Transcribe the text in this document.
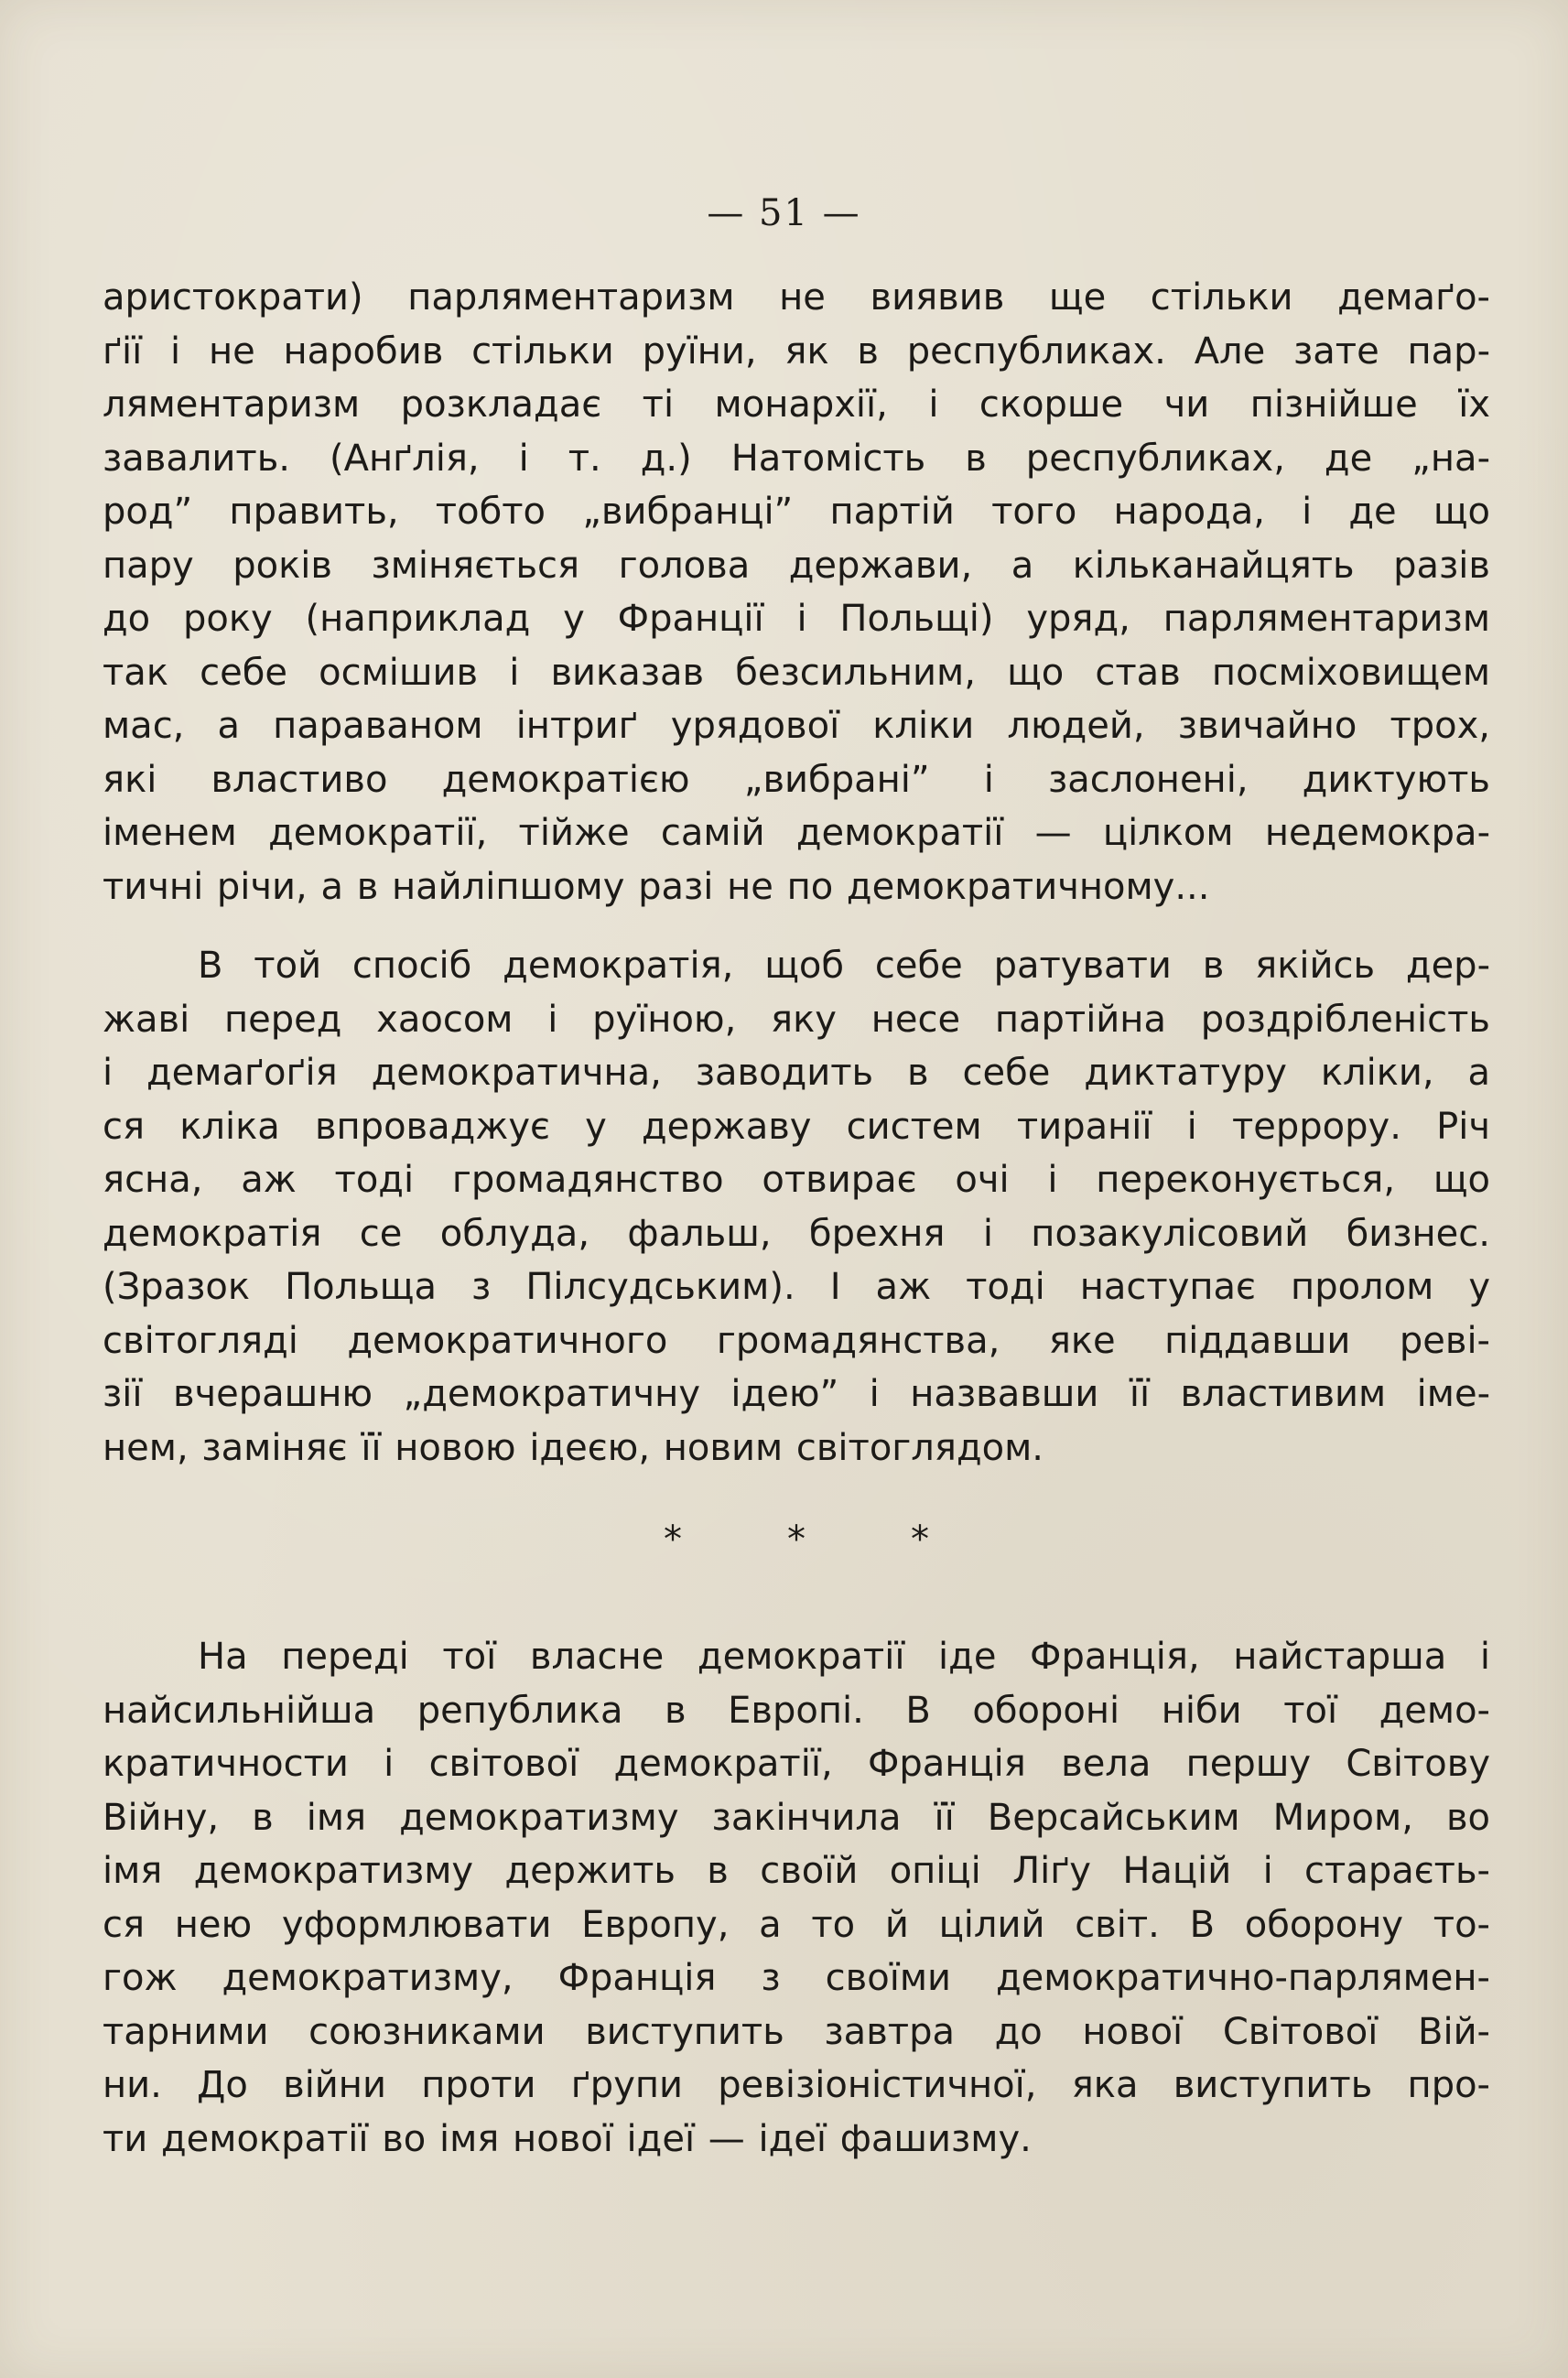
— 51 —

аристократи) парляментаризм не виявив ще стільки демаґо-
ґії і не наробив стільки руїни, як в республиках. Але зате пар-
ляментаризм розкладає ті монархії, і скорше чи пізнійше їх
завалить. (Анґлія, і т. д.) Натомість в республиках, де „на-
род” править, тобто „вибранці” партій того народа, і де що
пару років зміняється голова держави, а кільканайцять разів
до року (наприклад у Франції і Польщі) уряд, парляментаризм
так себе осмішив і виказав безсильним, що став посміховищем
мас, а параваном інтриґ урядової кліки людей, звичайно трох,
які властиво демократією „вибрані” і заслонені, диктують
іменем демократії, тійже самій демократії — цілком недемокра-
тичні річи, а в найліпшому разі не по демократичному...

В той спосіб демократія, щоб себе ратувати в якійсь дер-
жаві перед хаосом і руїною, яку несе партійна роздрібленість
і демаґоґія демократична, заводить в себе диктатуру кліки, а
ся кліка впроваджує у державу систем тиранії і террору. Річ
ясна, аж тоді громадянство отвирає очі і переконується, що
демократія се облуда, фальш, брехня і позакулісовий бизнес.
(Зразок Польща з Пілсудським). І аж тоді наступає пролом у
світогляді демократичного громадянства, яке піддавши реві-
зії вчерашню „демократичну ідею” і назвавши її властивим іме-
нем, заміняє її новою ідеєю, новим світоглядом.

*	*	*

На переді тої власне демократії іде Франція, найстарша і
найсильнійша република в Европі. В обороні ніби тої демо-
кратичности і світової демократії, Франція вела першу Світову
Війну, в імя демократизму закінчила її Версайським Миром, во
імя демократизму держить в своїй опіці Ліґу Націй і стараєть-
ся нею уформлювати Европу, а то й цілий світ. В оборону то-
гож демократизму, Франція з своїми демократично-парлямен-
тарними союзниками виступить завтра до нової Світової Вій-
ни. До війни проти ґрупи ревізіоністичної, яка виступить про-
ти демократії во імя нової ідеї — ідеї фашизму.
